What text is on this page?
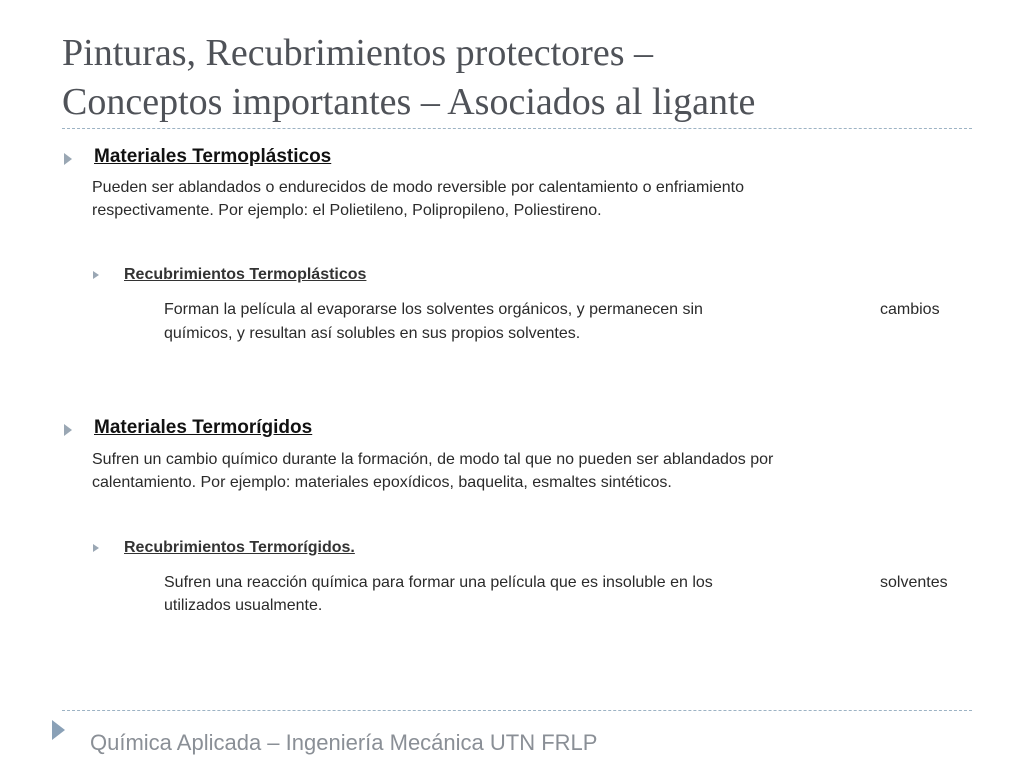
Pinturas, Recubrimientos protectores –
Conceptos importantes – Asociados al ligante
Materiales Termoplásticos
Pueden ser ablandados o endurecidos de modo reversible por calentamiento o enfriamiento
respectivamente. Por ejemplo: el Polietileno, Polipropileno, Poliestireno.
Recubrimientos Termoplásticos
Forman la película al evaporarse los solventes orgánicos, y permanecen sin	cambios
químicos, y resultan así solubles en sus propios solventes.
Materiales Termorígidos
Sufren un cambio químico durante la formación, de modo tal que no pueden ser ablandados por
calentamiento. Por ejemplo: materiales epoxídicos, baquelita, esmaltes sintéticos.
Recubrimientos Termorígidos.
Sufren una reacción química para formar una película que es insoluble en los	solventes
utilizados usualmente.
Química Aplicada – Ingeniería Mecánica UTN FRLP
